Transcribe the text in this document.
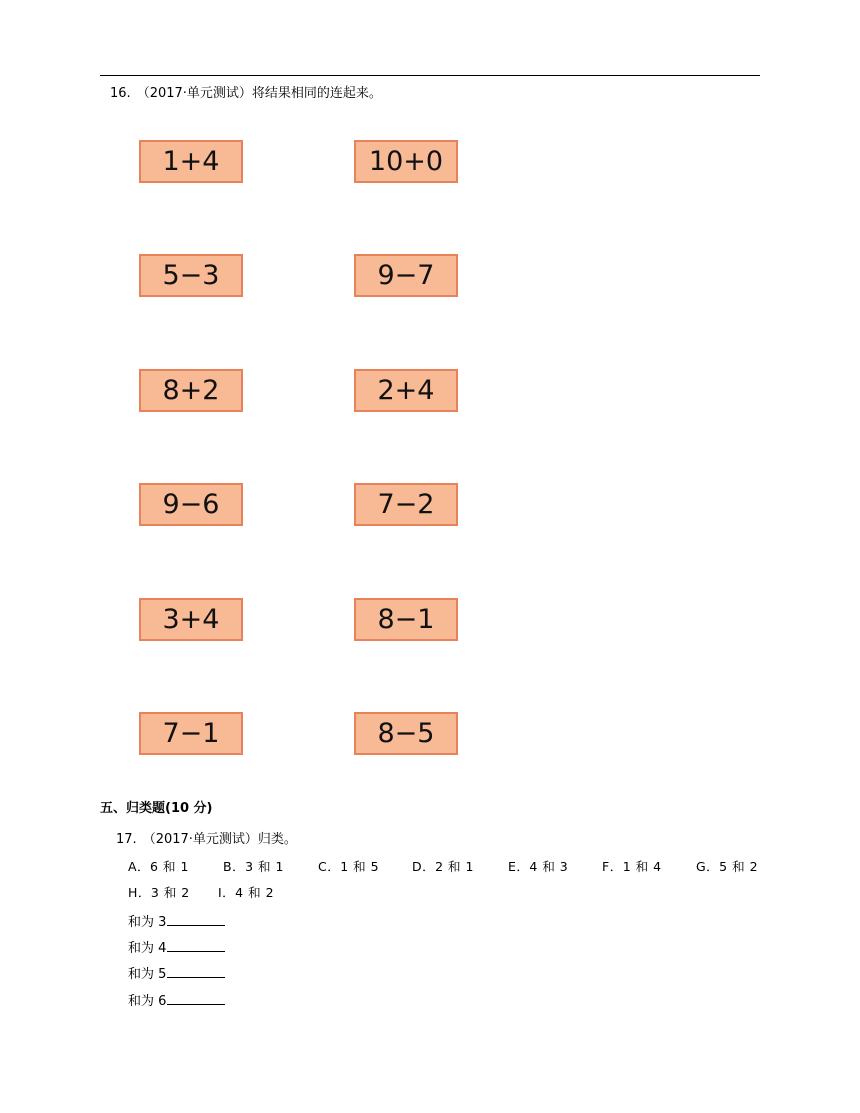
16. （2017·单元测试）将结果相同的连起来。
1+4
5−3
8+2
9−6
3+4
7−1
10+0
9−7
2+4
7−2
8−1
8−5
五、归类题(10 分)
17. （2017·单元测试）归类。
A．6 和 1	B．3 和 1	C．1 和 5	D．2 和 1	E．4 和 3	F．1 和 4	G．5 和 2
H．3 和 2 I．4 和 2
和为 3
和为 4
和为 5
和为 6
